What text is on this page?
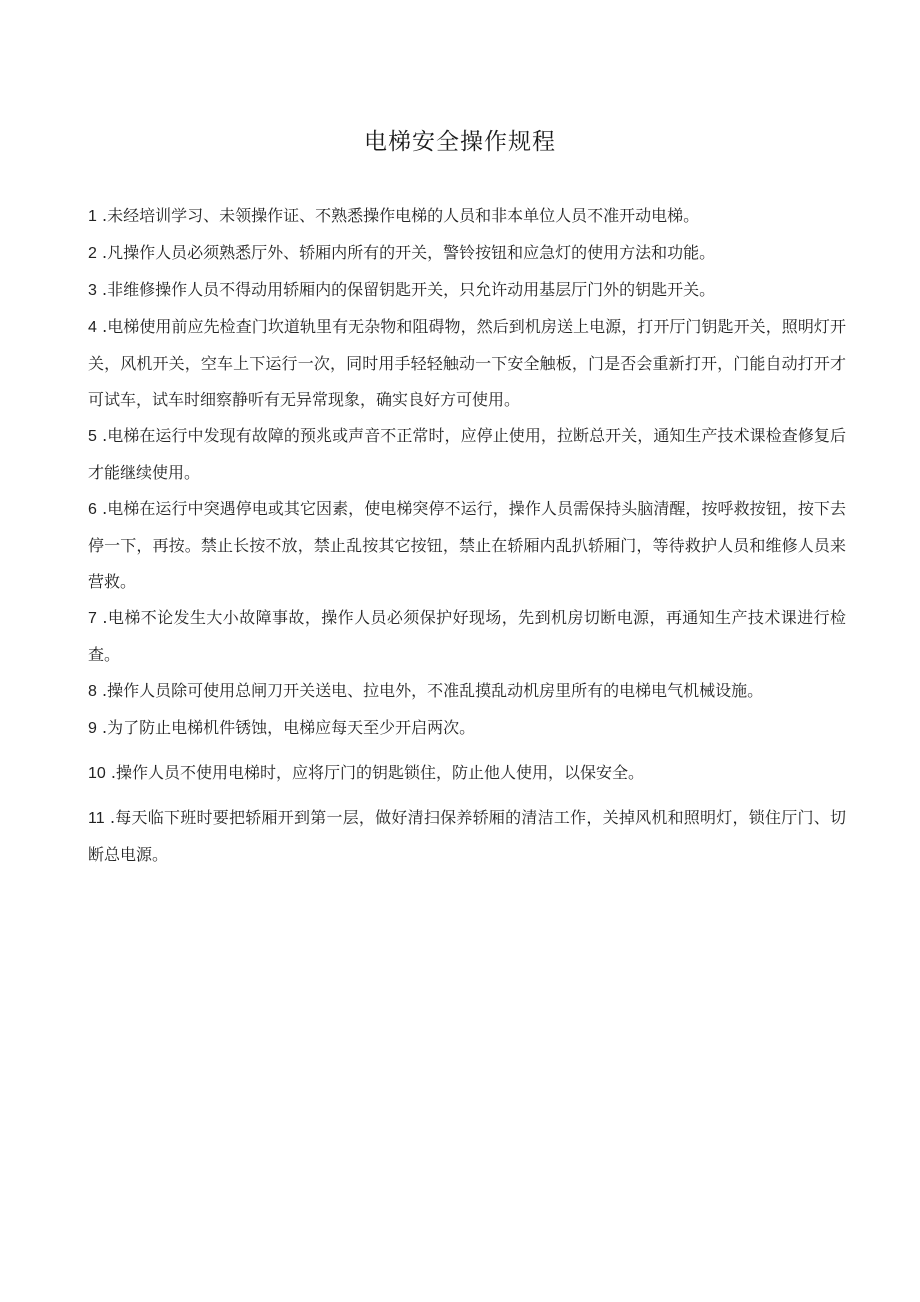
电梯安全操作规程
1 .未经培训学习、未领操作证、不熟悉操作电梯的人员和非本单位人员不准开动电梯。
2 .凡操作人员必须熟悉厅外、轿厢内所有的开关，警铃按钮和应急灯的使用方法和功能。
3 .非维修操作人员不得动用轿厢内的保留钥匙开关，只允许动用基层厅门外的钥匙开关。
4 .电梯使用前应先检查门坎道轨里有无杂物和阻碍物，然后到机房送上电源，打开厅门钥匙开关，照明灯开关，风机开关，空车上下运行一次，同时用手轻轻触动一下安全触板，门是否会重新打开，门能自动打开才可试车，试车时细察静听有无异常现象，确实良好方可使用。
5 .电梯在运行中发现有故障的预兆或声音不正常时，应停止使用，拉断总开关，通知生产技术课检查修复后才能继续使用。
6 .电梯在运行中突遇停电或其它因素，使电梯突停不运行，操作人员需保持头脑清醒，按呼救按钮，按下去停一下，再按。禁止长按不放，禁止乱按其它按钮，禁止在轿厢内乱扒轿厢门，等待救护人员和维修人员来营救。
7 .电梯不论发生大小故障事故，操作人员必须保护好现场，先到机房切断电源，再通知生产技术课进行检查。
8 .操作人员除可使用总闸刀开关送电、拉电外，不准乱摸乱动机房里所有的电梯电气机械设施。
9 .为了防止电梯机件锈蚀，电梯应每天至少开启两次。
10 .操作人员不使用电梯时，应将厅门的钥匙锁住，防止他人使用，以保安全。
11 .每天临下班时要把轿厢开到第一层，做好清扫保养轿厢的清洁工作，关掉风机和照明灯，锁住厅门、切断总电源。
